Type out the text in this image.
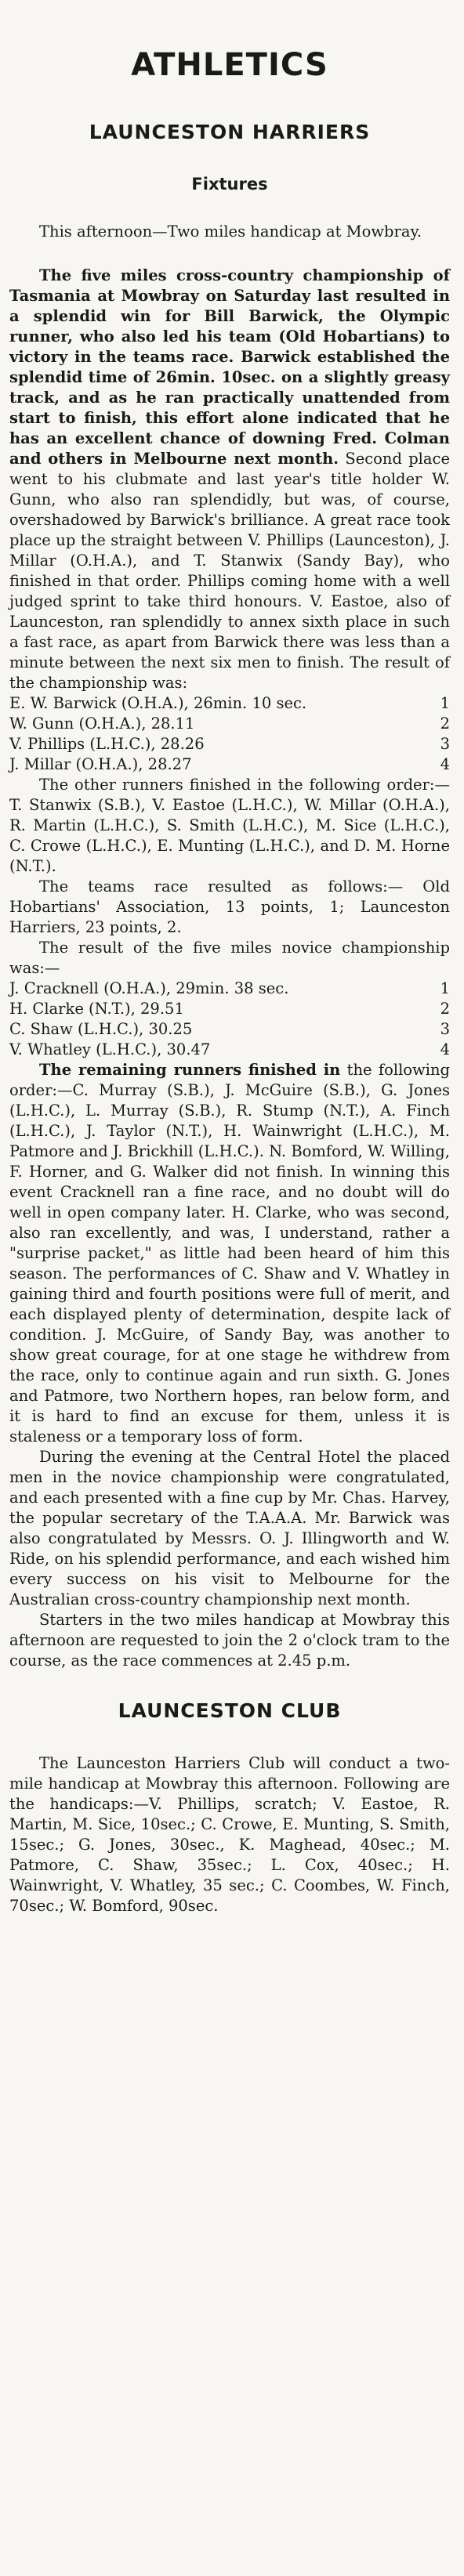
ATHLETICS
LAUNCESTON HARRIERS
Fixtures

This afternoon—Two miles handicap at Mowbray.

The five miles cross-country championship of Tasmania at Mowbray on Saturday last resulted in a splendid win for Bill Barwick, the Olympic runner, who also led his team (Old Hobartians) to victory in the teams race. Barwick established the splendid time of 26min. 10sec. on a slightly greasy track, and as he ran practically unattended from start to finish, this effort alone indicated that he has an excellent chance of downing Fred. Colman and others in Melbourne next month. Second place went to his clubmate and last year's title holder W. Gunn, who also ran splendidly, but was, of course, overshadowed by Barwick's brilliance. A great race took place up the straight between V. Phillips (Launceston), J. Millar (O.H.A.), and T. Stanwix (Sandy Bay), who finished in that order. Phillips coming home with a well judged sprint to take third honours. V. Eastoe, also of Launceston, ran splendidly to annex sixth place in such a fast race, as apart from Barwick there was less than a minute between the next six men to finish. The result of the championship was:

E. W. Barwick (O.H.A.), 26min. 10 sec.	1
W. Gunn (O.H.A.), 28.11	2
V. Phillips (L.H.C.), 28.26	3
J. Millar (O.H.A.), 28.27	4

The other runners finished in the following order:—T. Stanwix (S.B.), V. Eastoe (L.H.C.), W. Millar (O.H.A.), R. Martin (L.H.C.), S. Smith (L.H.C.), M. Sice (L.H.C.), C. Crowe (L.H.C.), E. Munting (L.H.C.), and D. M. Horne (N.T.).

The teams race resulted as follows:— Old Hobartians' Association, 13 points, 1; Launceston Harriers, 23 points, 2.

The result of the five miles novice championship was:—

J. Cracknell (O.H.A.), 29min. 38 sec.	1
H. Clarke (N.T.), 29.51	2
C. Shaw (L.H.C.), 30.25	3
V. Whatley (L.H.C.), 30.47	4

The remaining runners finished in the following order:—C. Murray (S.B.), J. McGuire (S.B.), G. Jones (L.H.C.), L. Murray (S.B.), R. Stump (N.T.), A. Finch (L.H.C.), J. Taylor (N.T.), H. Wainwright (L.H.C.), M. Patmore and J. Brickhill (L.H.C.). N. Bomford, W. Willing, F. Horner, and G. Walker did not finish. In winning this event Cracknell ran a fine race, and no doubt will do well in open company later. H. Clarke, who was second, also ran excellently, and was, I understand, rather a "surprise packet," as little had been heard of him this season. The performances of C. Shaw and V. Whatley in gaining third and fourth positions were full of merit, and each displayed plenty of determination, despite lack of condition. J. McGuire, of Sandy Bay, was another to show great courage, for at one stage he withdrew from the race, only to continue again and run sixth. G. Jones and Patmore, two Northern hopes, ran below form, and it is hard to find an excuse for them, unless it is staleness or a temporary loss of form.

During the evening at the Central Hotel the placed men in the novice championship were congratulated, and each presented with a fine cup by Mr. Chas. Harvey, the popular secretary of the T.A.A.A. Mr. Barwick was also congratulated by Messrs. O. J. Illingworth and W. Ride, on his splendid performance, and each wished him every success on his visit to Melbourne for the Australian cross-country championship next month.

Starters in the two miles handicap at Mowbray this afternoon are requested to join the 2 o'clock tram to the course, as the race commences at 2.45 p.m.

LAUNCESTON CLUB

The Launceston Harriers Club will conduct a two-mile handicap at Mowbray this afternoon. Following are the handicaps:—V. Phillips, scratch; V. Eastoe, R. Martin, M. Sice, 10sec.; C. Crowe, E. Munting, S. Smith, 15sec.; G. Jones, 30sec., K. Maghead, 40sec.; M. Patmore, C. Shaw, 35sec.; L. Cox, 40sec.; H. Wainwright, V. Whatley, 35 sec.; C. Coombes, W. Finch, 70sec.; W. Bomford, 90sec.
